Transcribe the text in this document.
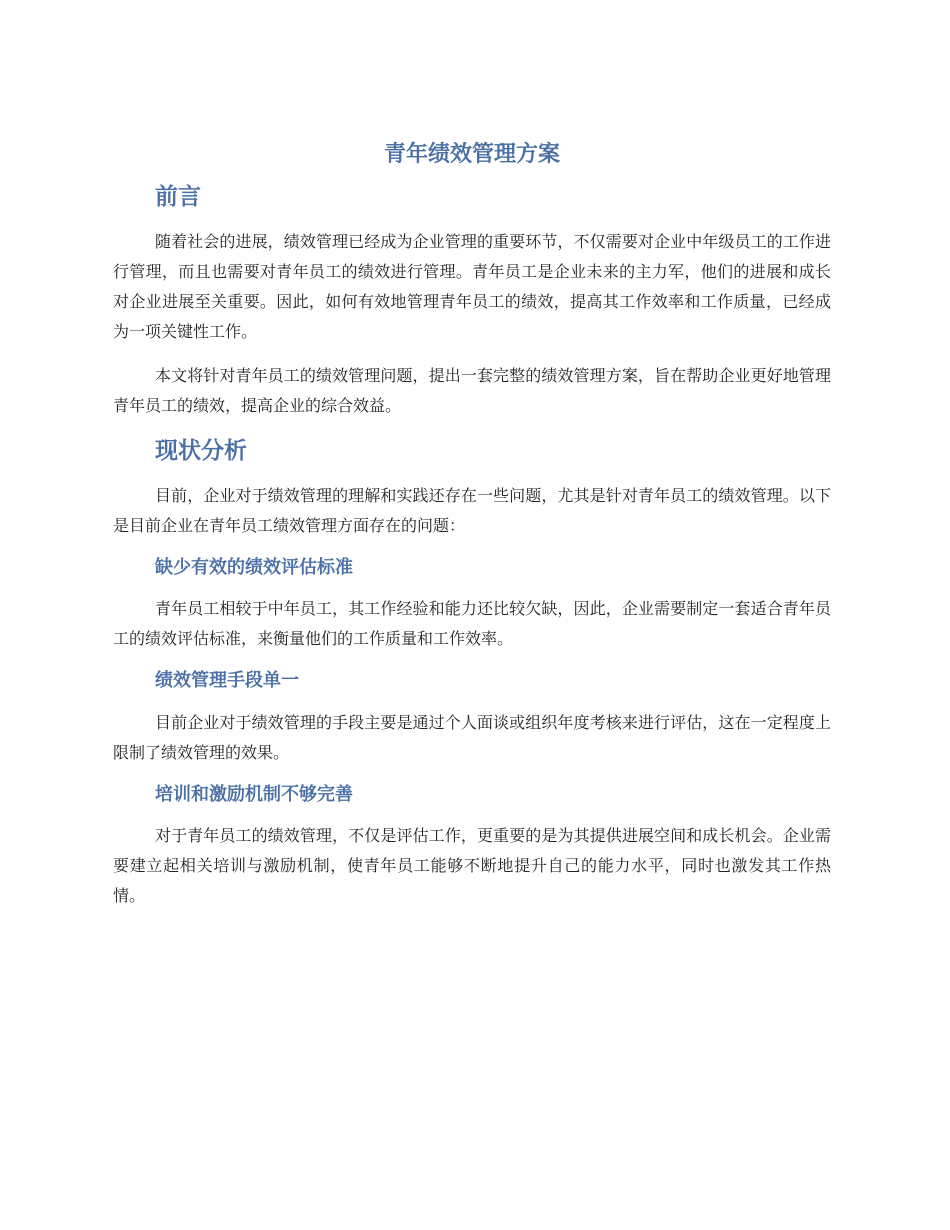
青年绩效管理方案
前言

随着社会的进展，绩效管理已经成为企业管理的重要环节，不仅需要对企业中年级员工的工作进行管理，而且也需要对青年员工的绩效进行管理。青年员工是企业未来的主力军，他们的进展和成长对企业进展至关重要。因此，如何有效地管理青年员工的绩效，提高其工作效率和工作质量，已经成为一项关键性工作。

本文将针对青年员工的绩效管理问题，提出一套完整的绩效管理方案，旨在帮助企业更好地管理青年员工的绩效，提高企业的综合效益。

现状分析

目前，企业对于绩效管理的理解和实践还存在一些问题，尤其是针对青年员工的绩效管理。以下是目前企业在青年员工绩效管理方面存在的问题：

缺少有效的绩效评估标准

青年员工相较于中年员工，其工作经验和能力还比较欠缺，因此，企业需要制定一套适合青年员工的绩效评估标准，来衡量他们的工作质量和工作效率。

绩效管理手段单一

目前企业对于绩效管理的手段主要是通过个人面谈或组织年度考核来进行评估，这在一定程度上限制了绩效管理的效果。

培训和激励机制不够完善

对于青年员工的绩效管理，不仅是评估工作，更重要的是为其提供进展空间和成长机会。企业需要建立起相关培训与激励机制，使青年员工能够不断地提升自己的能力水平，同时也激发其工作热情。
